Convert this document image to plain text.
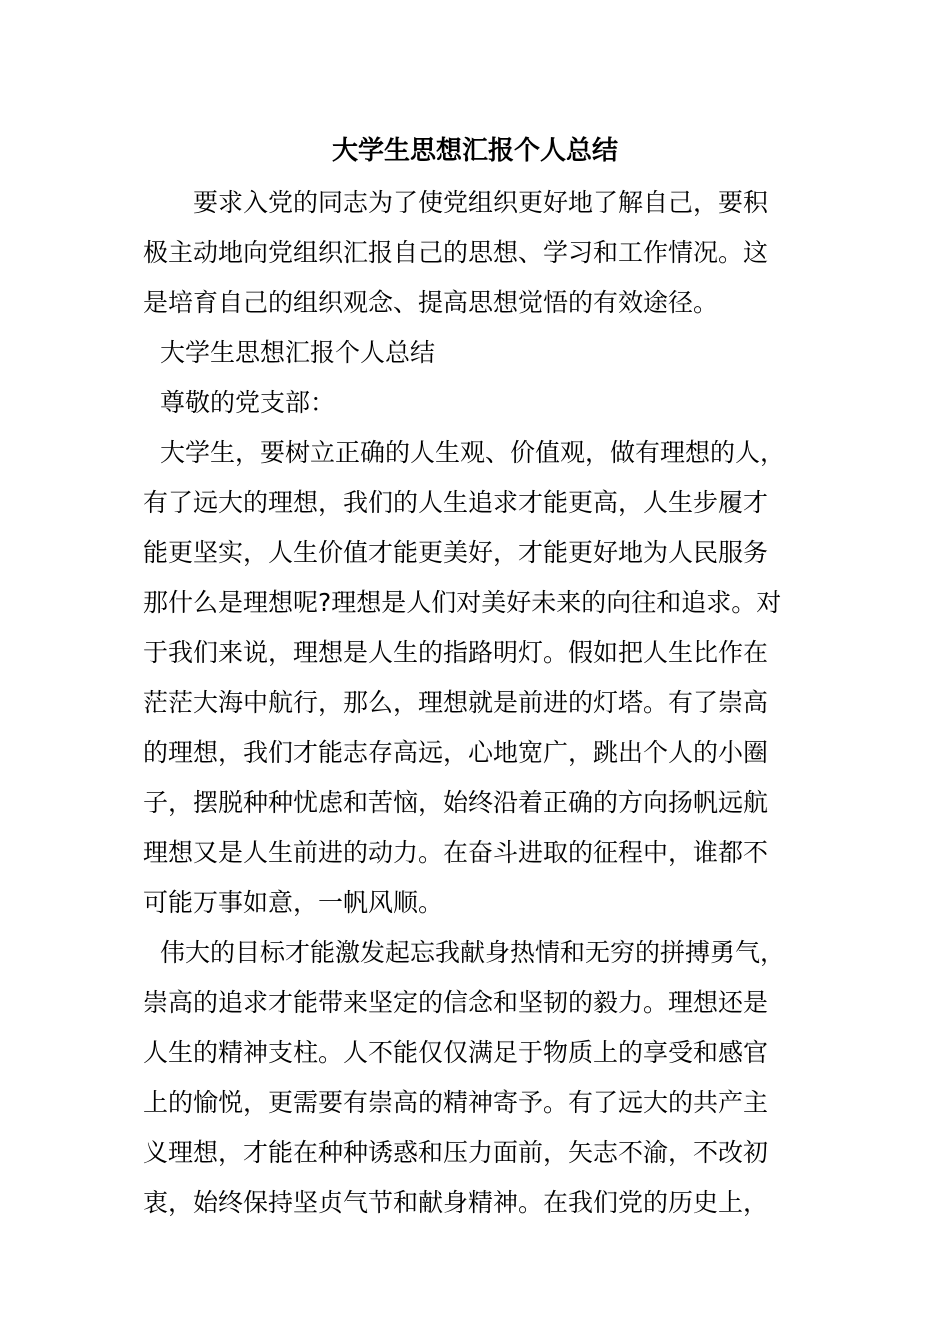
大学生思想汇报个人总结
要求入党的同志为了使党组织更好地了解自己，要积
极主动地向党组织汇报自己的思想、学习和工作情况。这
是培育自己的组织观念、提高思想觉悟的有效途径。
大学生思想汇报个人总结
尊敬的党支部：
大学生，要树立正确的人生观、价值观，做有理想的人，
有了远大的理想，我们的人生追求才能更高，人生步履才
能更坚实，人生价值才能更美好，才能更好地为人民服务
那什么是理想呢?理想是人们对美好未来的向往和追求。对
于我们来说，理想是人生的指路明灯。假如把人生比作在
茫茫大海中航行，那么，理想就是前进的灯塔。有了崇高
的理想，我们才能志存高远，心地宽广，跳出个人的小圈
子，摆脱种种忧虑和苦恼，始终沿着正确的方向扬帆远航
理想又是人生前进的动力。在奋斗进取的征程中，谁都不
可能万事如意，一帆风顺。
伟大的目标才能激发起忘我献身热情和无穷的拼搏勇气，
崇高的追求才能带来坚定的信念和坚韧的毅力。理想还是
人生的精神支柱。人不能仅仅满足于物质上的享受和感官
上的愉悦，更需要有崇高的精神寄予。有了远大的共产主
义理想，才能在种种诱惑和压力面前，矢志不渝，不改初
衷，始终保持坚贞气节和献身精神。在我们党的历史上，
